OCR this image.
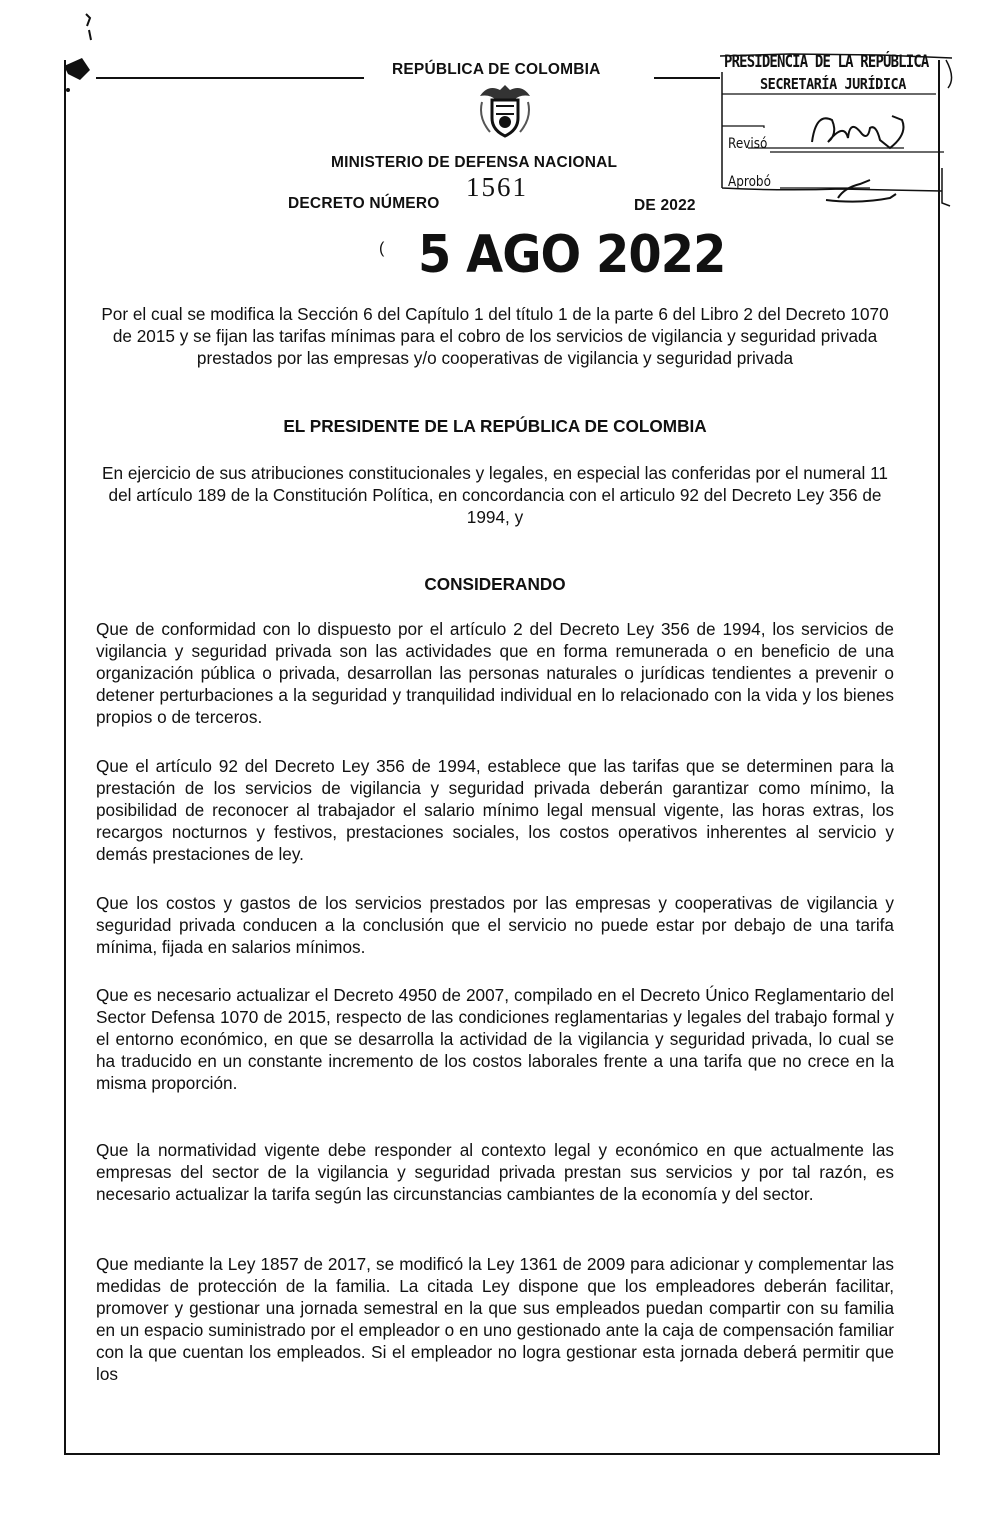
REPÚBLICA DE COLOMBIA
MINISTERIO DE DEFENSA NACIONAL
DECRETO NÚMERO
1561
DE 2022
( 5 AGO 2022
PRESIDENCIA DE LA REPÚBLICA
SECRETARÍA JURÍDICA
Revisó
Aprobó
Por el cual se modifica la Sección 6 del Capítulo 1 del título 1 de la parte 6 del Libro 2 del Decreto 1070 de 2015 y se fijan las tarifas mínimas para el cobro de los servicios de vigilancia y seguridad privada prestados por las empresas y/o cooperativas de vigilancia y seguridad privada
EL PRESIDENTE DE LA REPÚBLICA DE COLOMBIA
En ejercicio de sus atribuciones constitucionales y legales, en especial las conferidas por el numeral 11 del artículo 189 de la Constitución Política, en concordancia con el articulo 92 del Decreto Ley 356 de 1994, y
CONSIDERANDO
Que de conformidad con lo dispuesto por el artículo 2 del Decreto Ley 356 de 1994, los servicios de vigilancia y seguridad privada son las actividades que en forma remunerada o en beneficio de una organización pública o privada, desarrollan las personas naturales o jurídicas tendientes a prevenir o detener perturbaciones a la seguridad y tranquilidad individual en lo relacionado con la vida y los bienes propios o de terceros.
Que el artículo 92 del Decreto Ley 356 de 1994, establece que las tarifas que se determinen para la prestación de los servicios de vigilancia y seguridad privada deberán garantizar como mínimo, la posibilidad de reconocer al trabajador el salario mínimo legal mensual vigente, las horas extras, los recargos nocturnos y festivos, prestaciones sociales, los costos operativos inherentes al servicio y demás prestaciones de ley.
Que los costos y gastos de los servicios prestados por las empresas y cooperativas de vigilancia y seguridad privada conducen a la conclusión que el servicio no puede estar por debajo de una tarifa mínima, fijada en salarios mínimos.
Que es necesario actualizar el Decreto 4950 de 2007, compilado en el Decreto Único Reglamentario del Sector Defensa 1070 de 2015, respecto de las condiciones reglamentarias y legales del trabajo formal y el entorno económico, en que se desarrolla la actividad de la vigilancia y seguridad privada, lo cual se ha traducido en un constante incremento de los costos laborales frente a una tarifa que no crece en la misma proporción.
Que la normatividad vigente debe responder al contexto legal y económico en que actualmente las empresas del sector de la vigilancia y seguridad privada prestan sus servicios y por tal razón, es necesario actualizar la tarifa según las circunstancias cambiantes de la economía y del sector.
Que mediante la Ley 1857 de 2017, se modificó la Ley 1361 de 2009 para adicionar y complementar las medidas de protección de la familia. La citada Ley dispone que los empleadores deberán facilitar, promover y gestionar una jornada semestral en la que sus empleados puedan compartir con su familia en un espacio suministrado por el empleador o en uno gestionado ante la caja de compensación familiar con la que cuentan los empleados. Si el empleador no logra gestionar esta jornada deberá permitir que los
